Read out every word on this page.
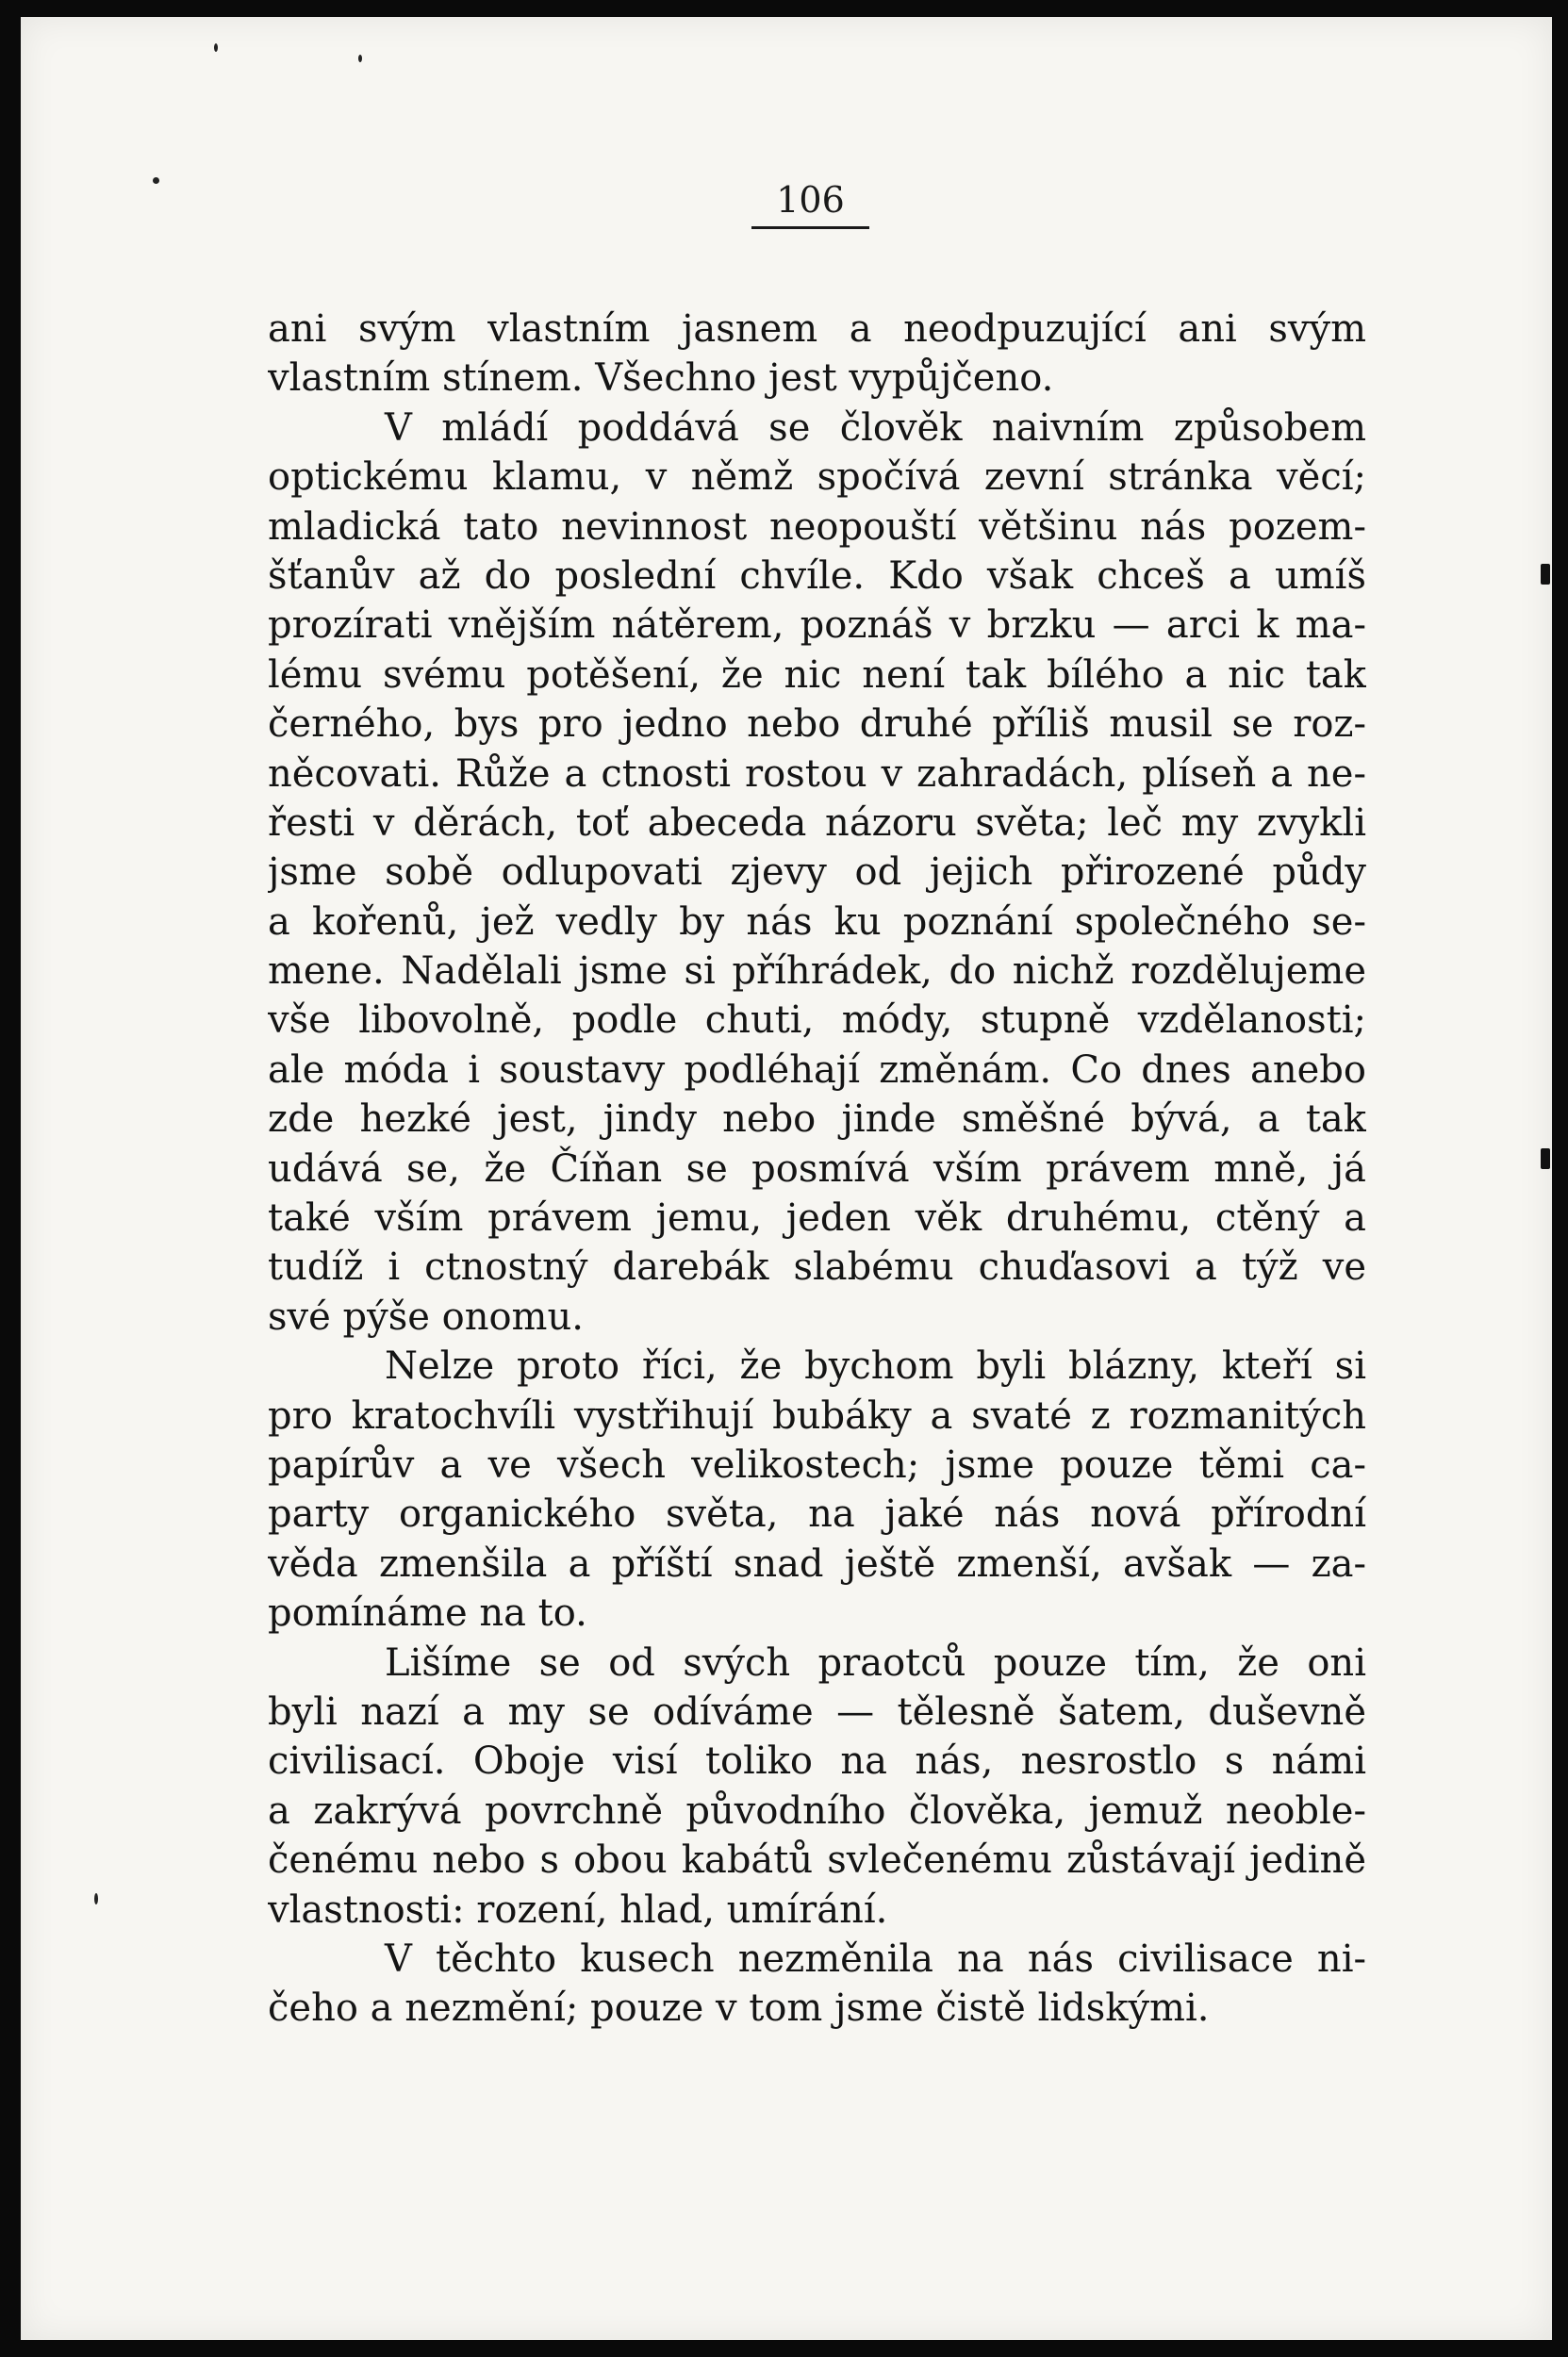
106
ani svým vlastním jasnem a neodpuzující ani svým
vlastním stínem. Všechno jest vypůjčeno.
V mládí poddává se člověk naivním způsobem
optickému klamu, v němž spočívá zevní stránka věcí;
mladická tato nevinnost neopouští většinu nás pozem-
šťanův až do poslední chvíle. Kdo však chceš a umíš
prozírati vnějším nátěrem, poznáš v brzku — arci k ma-
lému svému potěšení, že nic není tak bílého a nic tak
černého, bys pro jedno nebo druhé příliš musil se roz-
něcovati. Růže a ctnosti rostou v zahradách, plíseň a ne-
řesti v děrách, toť abeceda názoru světa; leč my zvykli
jsme sobě odlupovati zjevy od jejich přirozené půdy
a kořenů, jež vedly by nás ku poznání společného se-
mene. Nadělali jsme si příhrádek, do nichž rozdělujeme
vše libovolně, podle chuti, módy, stupně vzdělanosti;
ale móda i soustavy podléhají změnám. Co dnes anebo
zde hezké jest, jindy nebo jinde směšné bývá, a tak
udává se, že Číňan se posmívá vším právem mně, já
také vším právem jemu, jeden věk druhému, ctěný a
tudíž i ctnostný darebák slabému chuďasovi a týž ve
své pýše onomu.
Nelze proto říci, že bychom byli blázny, kteří si
pro kratochvíli vystřihují bubáky a svaté z rozmanitých
papírův a ve všech velikostech; jsme pouze těmi ca-
party organického světa, na jaké nás nová přírodní
věda zmenšila a příští snad ještě zmenší, avšak — za-
pomínáme na to.
Lišíme se od svých praotců pouze tím, že oni
byli nazí a my se odíváme — tělesně šatem, duševně
civilisací. Oboje visí toliko na nás, nesrostlo s námi
a zakrývá povrchně původního člověka, jemuž neoble-
čenému nebo s obou kabátů svlečenému zůstávají jedině
vlastnosti: rození, hlad, umírání.
V těchto kusech nezměnila na nás civilisace ni-
čeho a nezmění; pouze v tom jsme čistě lidskými.
